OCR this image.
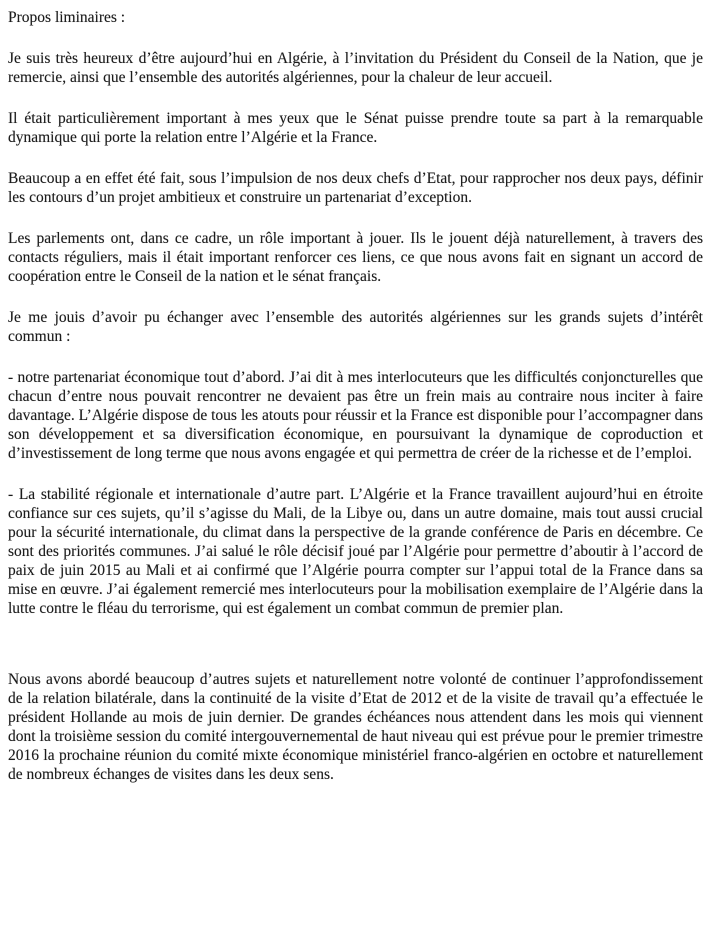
Propos liminaires :

Je suis très heureux d’être aujourd’hui en Algérie, à l’invitation du Président du Conseil de la Nation, que je remercie, ainsi que l’ensemble des autorités algériennes, pour la chaleur de leur accueil.

Il était particulièrement important à mes yeux que le Sénat puisse prendre toute sa part à la remarquable dynamique qui porte la relation entre l’Algérie et la France.

Beaucoup a en effet été fait, sous l’impulsion de nos deux chefs d’Etat, pour rapprocher nos deux pays, définir les contours d’un projet ambitieux et construire un partenariat d’exception.

Les parlements ont, dans ce cadre, un rôle important à jouer. Ils le jouent déjà naturellement, à travers des contacts réguliers, mais il était important renforcer ces liens, ce que nous avons fait en signant un accord de coopération entre le Conseil de la nation et le sénat français.

Je me jouis d’avoir pu échanger avec l’ensemble des autorités algériennes sur les grands sujets d’intérêt commun :

- notre partenariat économique tout d’abord. J’ai dit à mes interlocuteurs que les difficultés conjoncturelles que chacun d’entre nous pouvait rencontrer ne devaient pas être un frein mais au contraire nous inciter à faire davantage. L’Algérie dispose de tous les atouts pour réussir et la France est disponible pour l’accompagner dans son développement et sa diversification économique, en poursuivant la dynamique de coproduction et d’investissement de long terme que nous avons engagée et qui permettra de créer de la richesse et de l’emploi.

- La stabilité régionale et internationale d’autre part. L’Algérie et la France travaillent aujourd’hui en étroite confiance sur ces sujets, qu’il s’agisse du Mali, de la Libye ou, dans un autre domaine, mais tout aussi crucial pour la sécurité internationale, du climat dans la perspective de la grande conférence de Paris en décembre. Ce sont des priorités communes. J’ai salué le rôle décisif joué par l’Algérie pour permettre d’aboutir à l’accord de paix de juin 2015 au Mali et ai confirmé que l’Algérie pourra compter sur l’appui total de la France dans sa mise en œuvre. J’ai également remercié mes interlocuteurs pour la mobilisation exemplaire de l’Algérie dans la lutte contre le fléau du terrorisme, qui est également un combat commun de premier plan.

Nous avons abordé beaucoup d’autres sujets et naturellement notre volonté de continuer l’approfondissement de la relation bilatérale, dans la continuité de la visite d’Etat de 2012 et de la visite de travail qu’a effectuée le président Hollande au mois de juin dernier. De grandes échéances nous attendent dans les mois qui viennent dont la troisième session du comité intergouvernemental de haut niveau qui est prévue pour le premier trimestre 2016 la prochaine réunion du comité mixte économique ministériel franco-algérien en octobre et naturellement de nombreux échanges de visites dans les deux sens.
